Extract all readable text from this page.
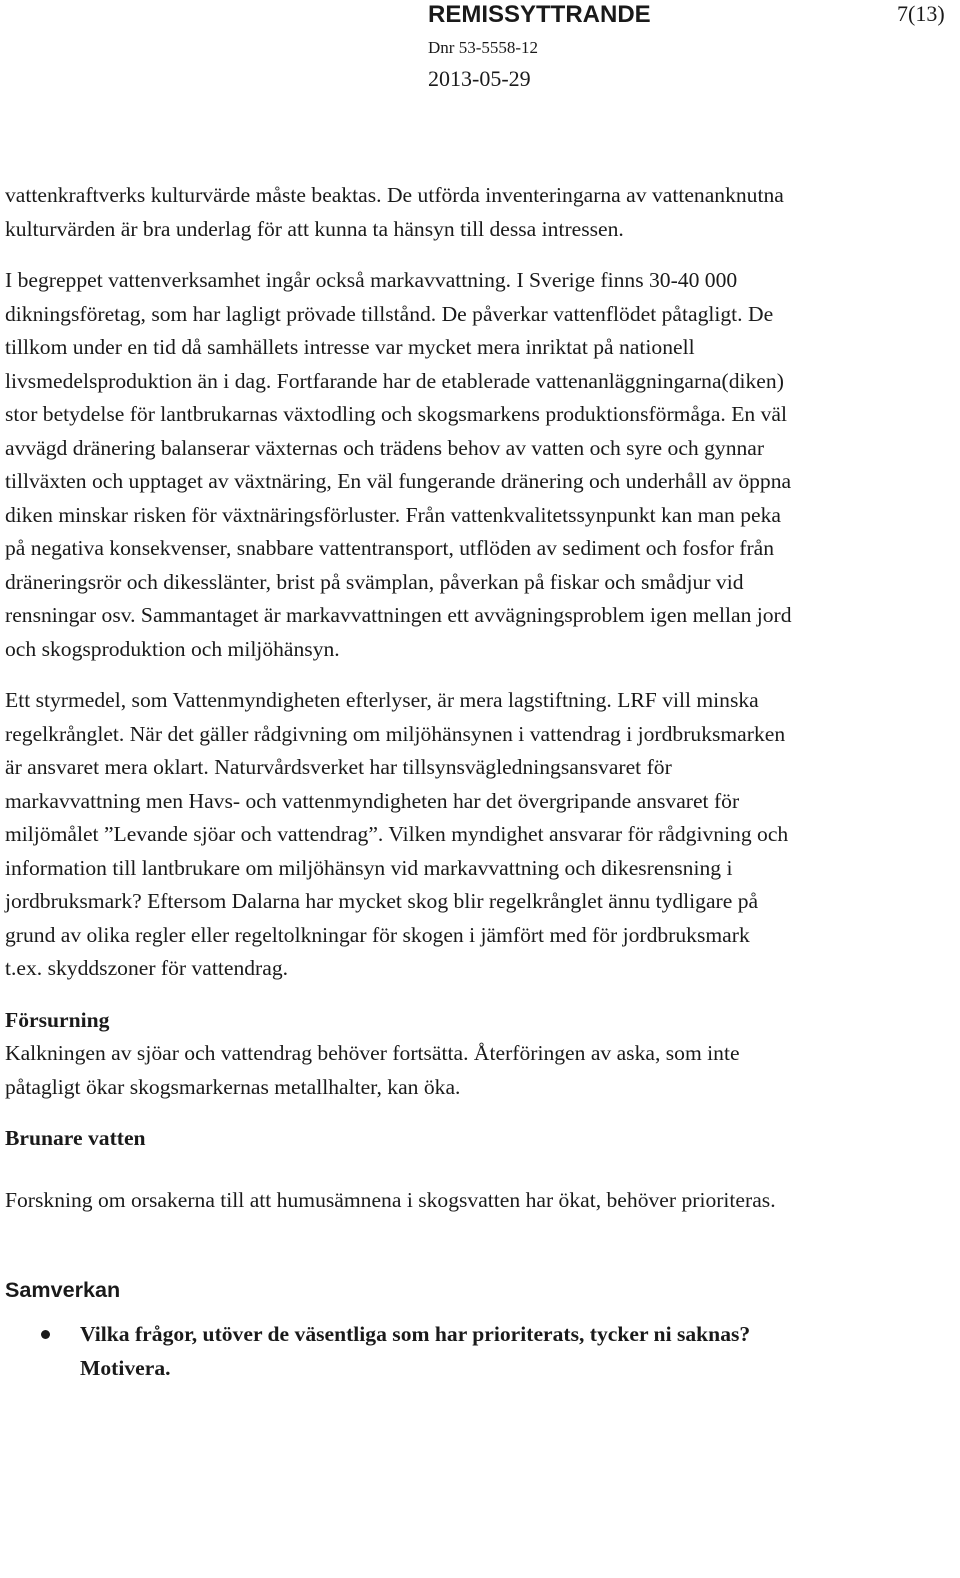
REMISSYTTRANDE	7(13)
Dnr 53-5558-12
2013-05-29

vattenkraftverks kulturvärde måste beaktas. De utförda inventeringarna av vattenanknutna kulturvärden är bra underlag för att kunna ta hänsyn till dessa intressen.

I begreppet vattenverksamhet ingår också markavvattning. I Sverige finns 30-40 000 dikningsföretag, som har lagligt prövade tillstånd. De påverkar vattenflödet påtagligt. De tillkom under en tid då samhällets intresse var mycket mera inriktat på nationell livsmedelsproduktion än i dag. Fortfarande har de etablerade vattenanläggningarna(diken) stor betydelse för lantbrukarnas växtodling och skogsmarkens produktionsförmåga. En väl avvägd dränering balanserar växternas och trädens behov av vatten och syre och gynnar tillväxten och upptaget av växtnäring, En väl fungerande dränering och underhåll av öppna diken minskar risken för växtnäringsförluster. Från vattenkvalitetssynpunkt kan man peka på negativa konsekvenser, snabbare vattentransport, utflöden av sediment och fosfor från dräneringsrör och dikesslänter, brist på svämplan, påverkan på fiskar och smådjur vid rensningar osv. Sammantaget är markavvattningen ett avvägningsproblem igen mellan jord och skogsproduktion och miljöhänsyn.

Ett styrmedel, som Vattenmyndigheten efterlyser, är mera lagstiftning. LRF vill minska regelkrånglet. När det gäller rådgivning om miljöhänsynen i vattendrag i jordbruksmarken är ansvaret mera oklart. Naturvårdsverket har tillsynsvägledningsansvaret för markavvattning men Havs- och vattenmyndigheten har det övergripande ansvaret för miljömålet ”Levande sjöar och vattendrag”. Vilken myndighet ansvarar för rådgivning och information till lantbrukare om miljöhänsyn vid markavvattning och dikesrensning i jordbruksmark? Eftersom Dalarna har mycket skog blir regelkrånglet ännu tydligare på grund av olika regler eller regeltolkningar för skogen i jämfört med för jordbruksmark t.ex. skyddszoner för vattendrag.

Försurning

Kalkningen av sjöar och vattendrag behöver fortsätta. Återföringen av aska, som inte påtagligt ökar skogsmarkernas metallhalter, kan öka.

Brunare vatten

Forskning om orsakerna till att humusämnena i skogsvatten har ökat, behöver prioriteras.

Samverkan

Vilka frågor, utöver de väsentliga som har prioriterats, tycker ni saknas? Motivera.
